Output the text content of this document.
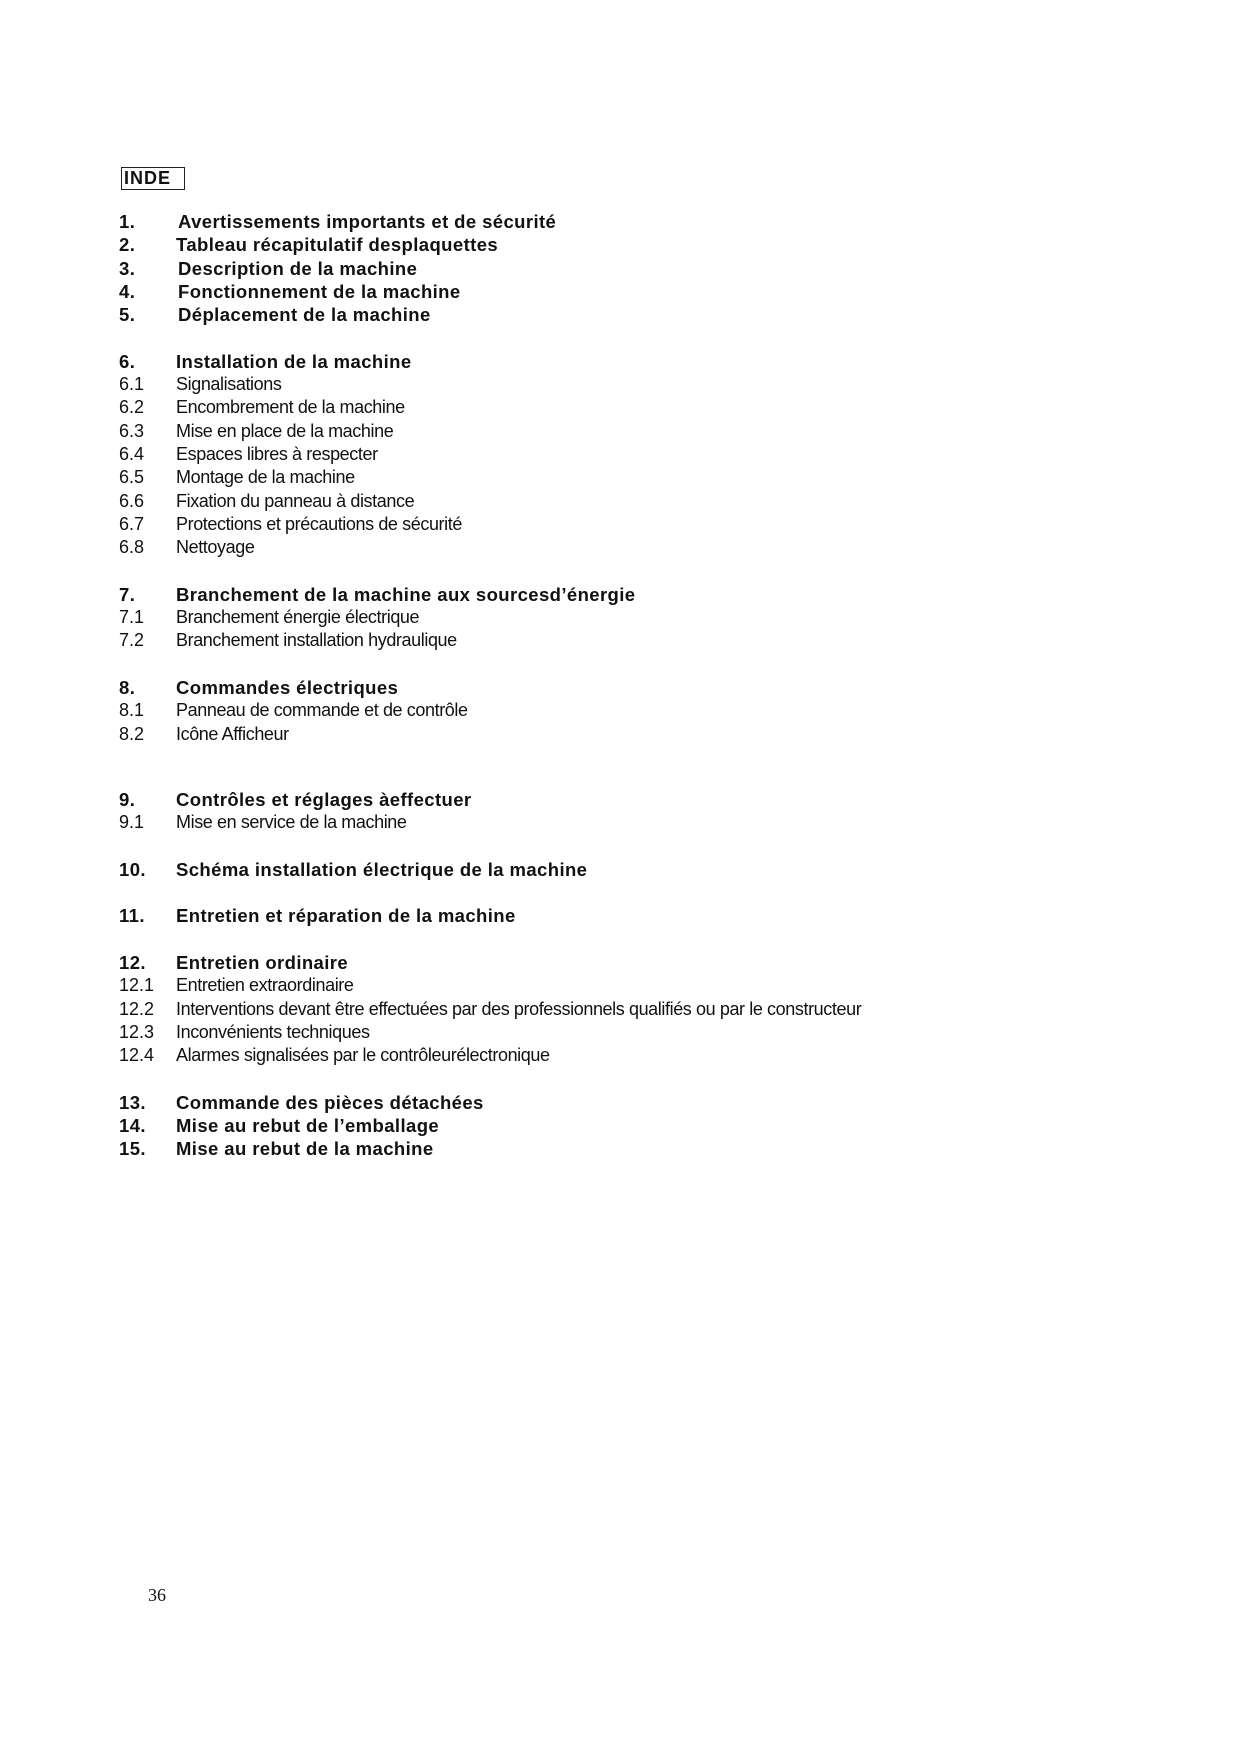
INDE
1. Avertissements importants et de sécurité
2. Tableau récapitulatif desplaquettes
3. Description de la machine
4. Fonctionnement de la machine
5. Déplacement de la machine
6. Installation de la machine
6.1 Signalisations
6.2 Encombrement de la machine
6.3 Mise en place de la machine
6.4 Espaces libres à respecter
6.5 Montage de la machine
6.6 Fixation du panneau à distance
6.7 Protections et précautions de sécurité
6.8 Nettoyage
7. Branchement de la machine aux sourcesd’énergie
7.1 Branchement énergie électrique
7.2 Branchement installation hydraulique
8. Commandes électriques
8.1 Panneau de commande et de contrôle
8.2 Icône Afficheur
9. Contrôles et réglages àeffectuer
9.1 Mise en service de la machine
10. Schéma installation électrique de la machine
11. Entretien et réparation de la machine
12. Entretien ordinaire
12.1 Entretien extraordinaire
12.2 Interventions devant être effectuées par des professionnels qualifiés ou par le constructeur
12.3 Inconvénients techniques
12.4 Alarmes signalisées par le contrôleurélectronique
13. Commande des pièces détachées
14. Mise au rebut de l’emballage
15. Mise au rebut de la machine
36
